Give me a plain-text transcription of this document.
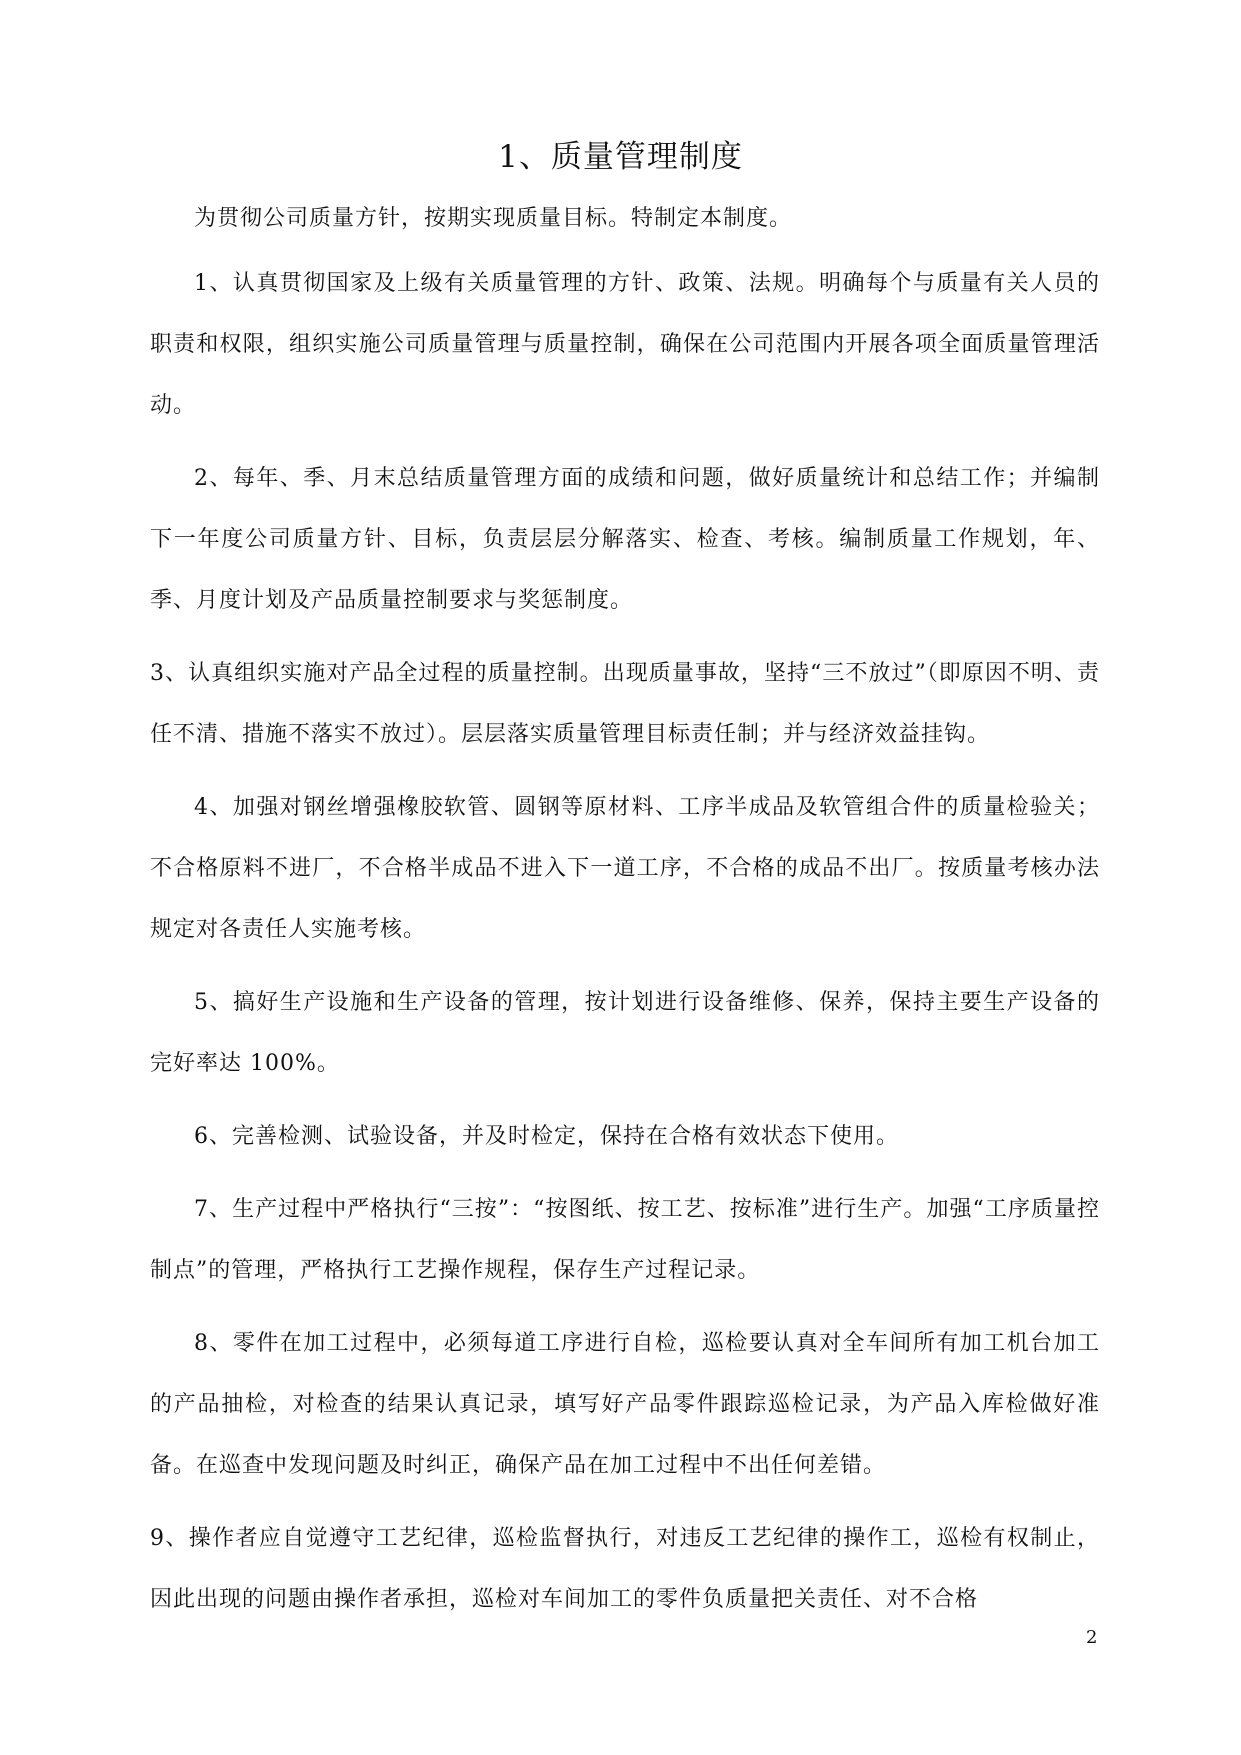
1、质量管理制度

为贯彻公司质量方针，按期实现质量目标。特制定本制度。

1、认真贯彻国家及上级有关质量管理的方针、政策、法规。明确每个与质量有关人员的职责和权限，组织实施公司质量管理与质量控制，确保在公司范围内开展各项全面质量管理活动。

2、每年、季、月末总结质量管理方面的成绩和问题，做好质量统计和总结工作；并编制下一年度公司质量方针、目标，负责层层分解落实、检查、考核。编制质量工作规划，年、季、月度计划及产品质量控制要求与奖惩制度。

3、认真组织实施对产品全过程的质量控制。出现质量事故，坚持“三不放过”（即原因不明、责任不清、措施不落实不放过）。层层落实质量管理目标责任制；并与经济效益挂钩。

4、加强对钢丝增强橡胶软管、圆钢等原材料、工序半成品及软管组合件的质量检验关；不合格原料不进厂，不合格半成品不进入下一道工序，不合格的成品不出厂。按质量考核办法规定对各责任人实施考核。

5、搞好生产设施和生产设备的管理，按计划进行设备维修、保养，保持主要生产设备的完好率达 100%。

6、完善检测、试验设备，并及时检定，保持在合格有效状态下使用。

7、生产过程中严格执行“三按”：“按图纸、按工艺、按标准”进行生产。加强“工序质量控制点”的管理，严格执行工艺操作规程，保存生产过程记录。

8、零件在加工过程中，必须每道工序进行自检，巡检要认真对全车间所有加工机台加工的产品抽检，对检查的结果认真记录，填写好产品零件跟踪巡检记录，为产品入库检做好准备。在巡查中发现问题及时纠正，确保产品在加工过程中不出任何差错。

9、操作者应自觉遵守工艺纪律，巡检监督执行，对违反工艺纪律的操作工，巡检有权制止，因此出现的问题由操作者承担，巡检对车间加工的零件负质量把关责任、对不合格

2
